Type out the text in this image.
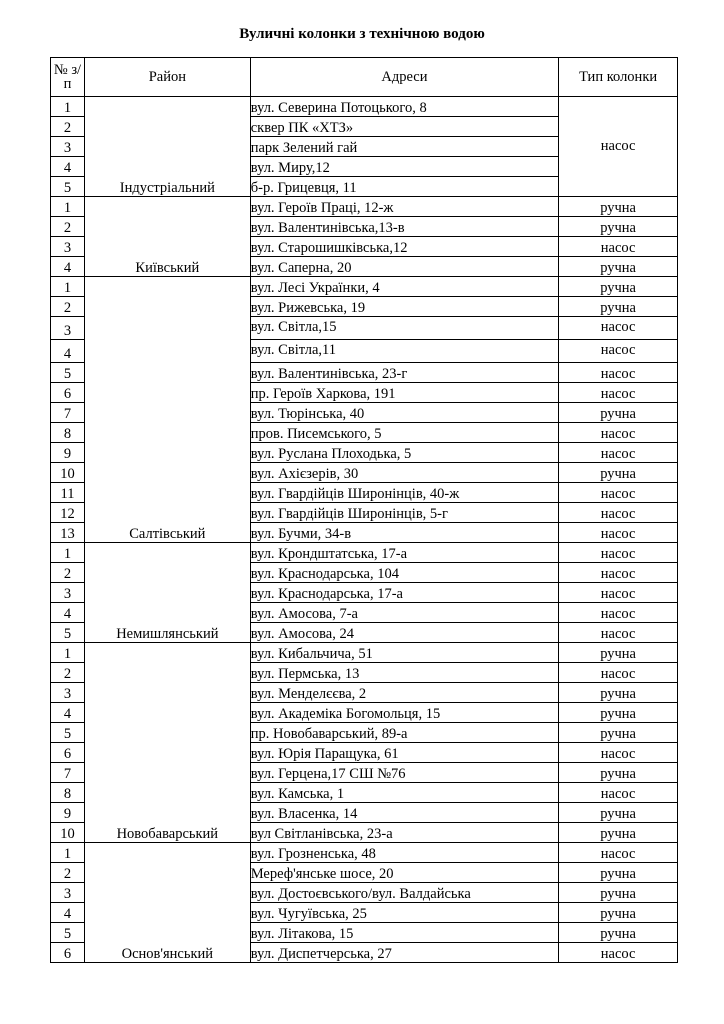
Вуличні колонки з технічною водою
№ з/п	Район	Адреси	Тип колонки
1	Індустріальний	вул. Северина Потоцького, 8	насос
2		сквер ПК «ХТЗ»	
3		парк Зелений гай	
4		вул. Миру,12	
5		б-р. Грицевця, 11	
1	Київський	вул. Героїв Праці, 12-ж	ручна
2		вул. Валентинівська,13-в	ручна
3		вул. Старошишківська,12	насос
4		вул. Саперна, 20	ручна
1	Салтівський	вул. Лесі Українки, 4	ручна
2		вул. Рижевська, 19	ручна
3		вул. Світла,15	насос
4		вул. Світла,11	насос
5		вул. Валентинівська, 23-г	насос
6		пр. Героїв Харкова, 191	насос
7		вул. Тюрінська, 40	ручна
8		пров. Писемського, 5	насос
9		вул. Руслана Плоходька, 5	насос
10		вул. Ахієзерів, 30	ручна
11		вул. Гвардійців Широнінців, 40-ж	насос
12		вул. Гвардійців Широнінців, 5-г	насос
13		вул. Бучми, 34-в	насос
1	Немишлянський	вул. Крондштатська, 17-а	насос
2		вул. Краснодарська, 104	насос
3		вул. Краснодарська, 17-а	насос
4		вул. Амосова, 7-а	насос
5		вул. Амосова, 24	насос
1	Новобаварський	вул. Кибальчича, 51	ручна
2		вул. Пермська, 13	насос
3		вул. Менделєєва, 2	ручна
4		вул. Академіка Богомольця, 15	ручна
5		пр. Новобаварський, 89-а	ручна
6		вул. Юрія Паращука, 61	насос
7		вул. Герцена,17 СШ №76	ручна
8		вул. Камська, 1	насос
9		вул. Власенка, 14	ручна
10		вул Світланівська, 23-а	ручна
1	Основ'янський	вул. Грозненська, 48	насос
2		Мереф'янське шосе, 20	ручна
3		вул. Достоєвського/вул. Валдайська	ручна
4		вул. Чугуївська, 25	ручна
5		вул. Літакова, 15	ручна
6		вул. Диспетчерська, 27	насос
